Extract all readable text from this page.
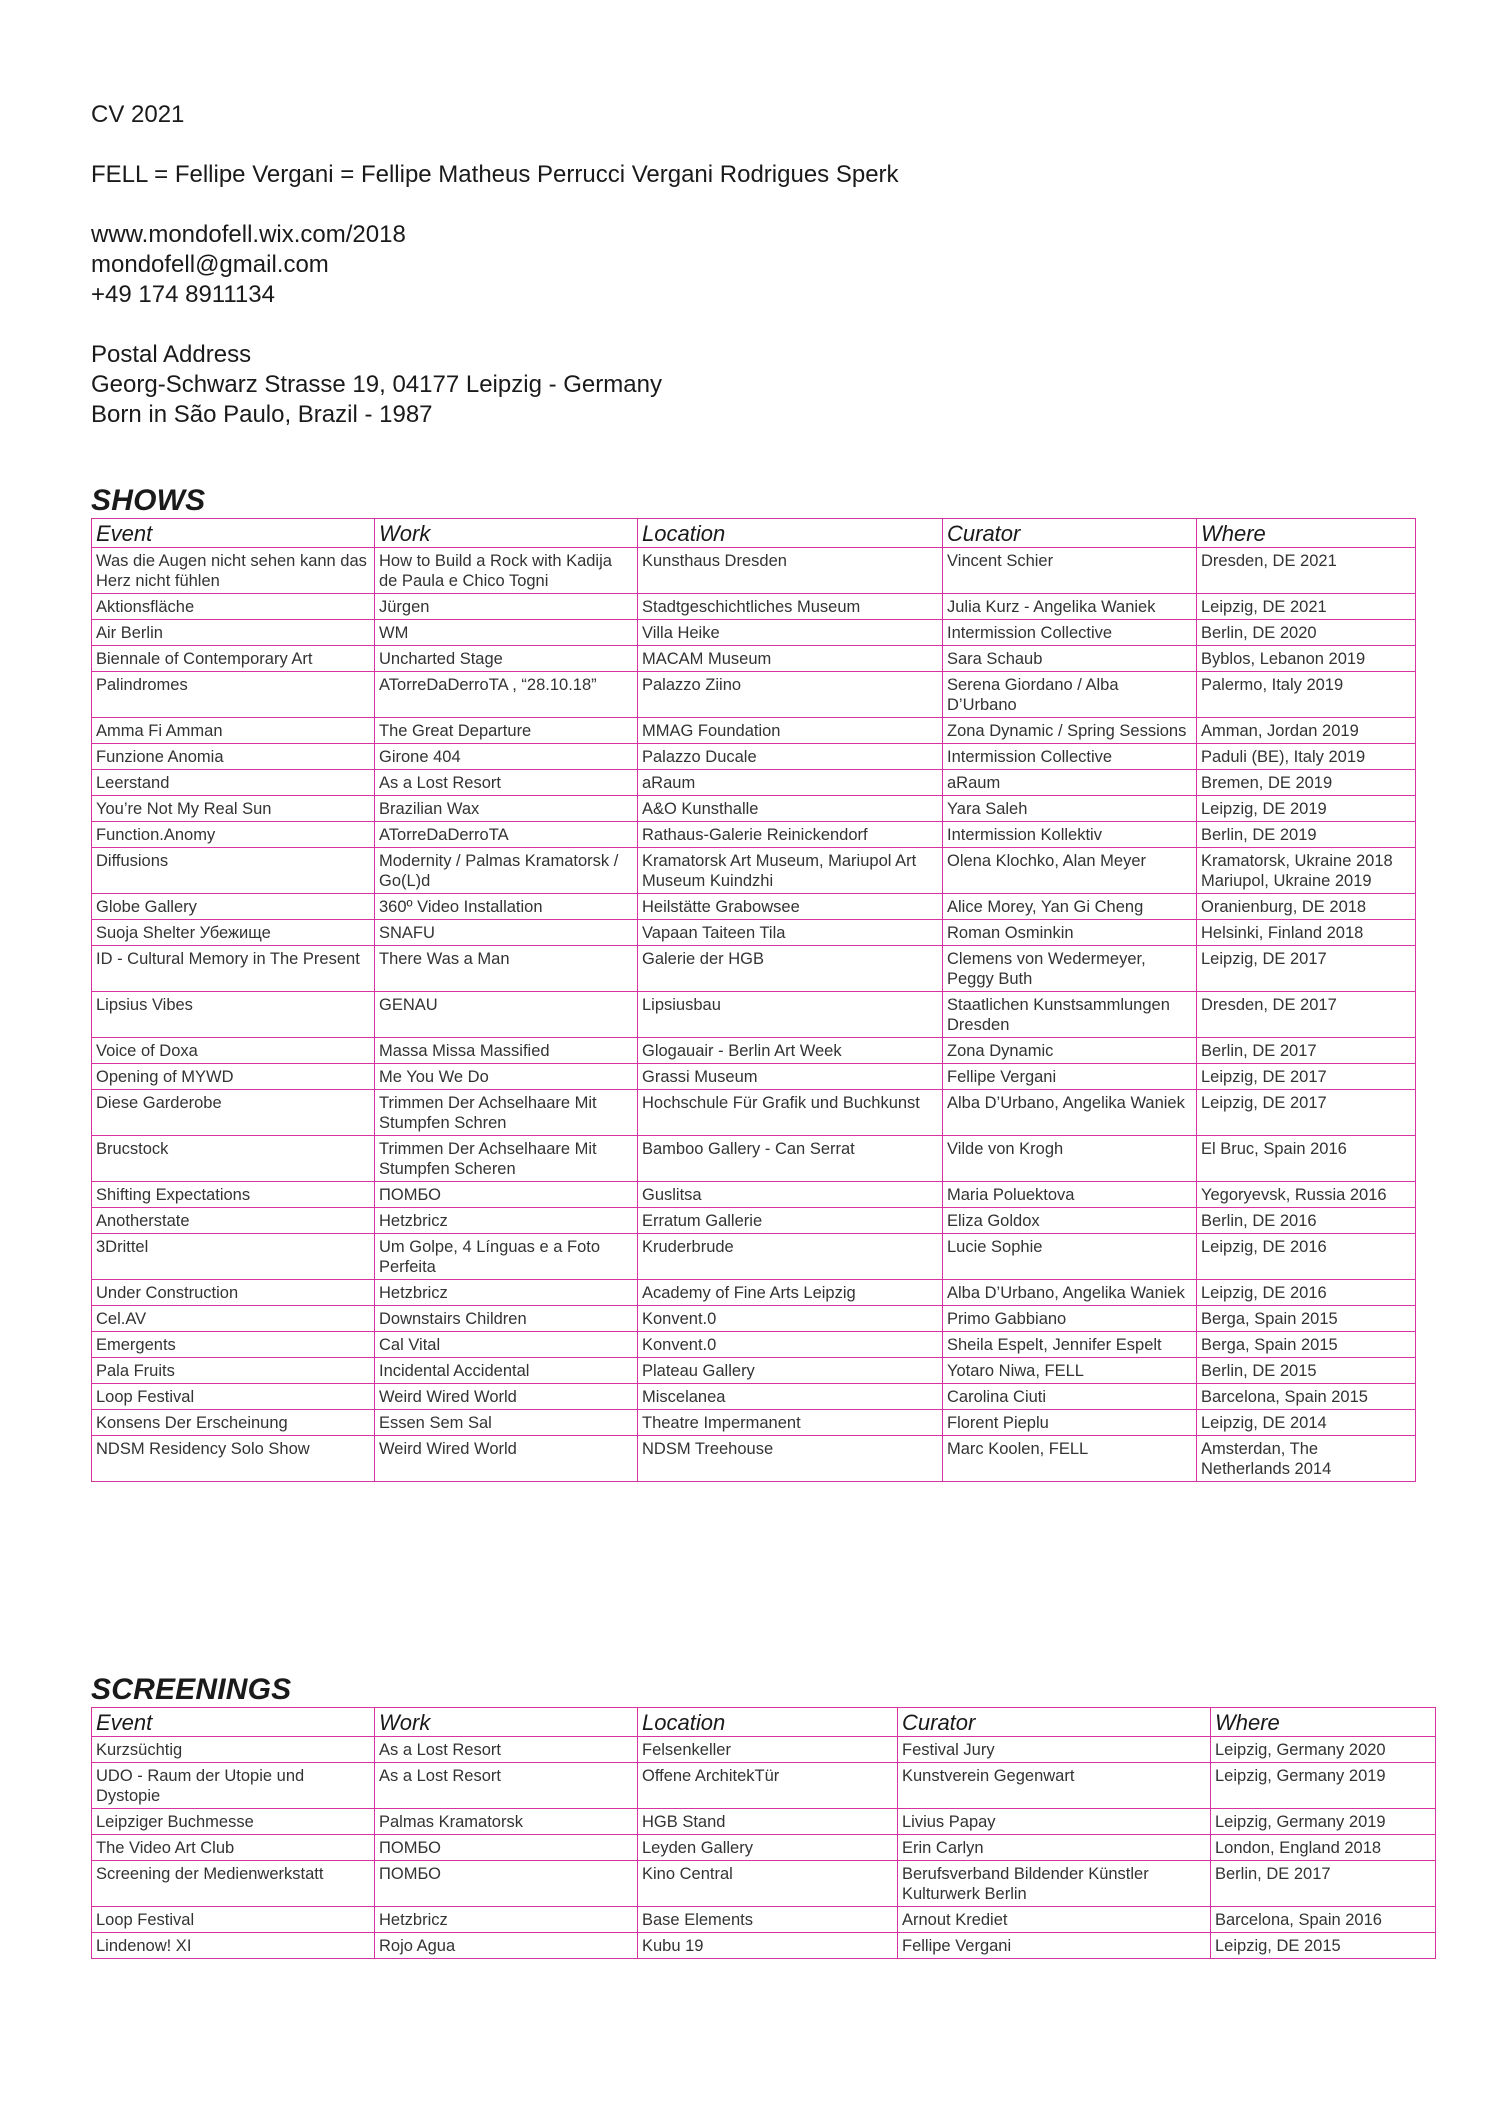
CV 2021
FELL = Fellipe Vergani = Fellipe Matheus Perrucci Vergani Rodrigues Sperk
www.mondofell.wix.com/2018
mondofell@gmail.com
+49 174 8911134
Postal Address
Georg-Schwarz Strasse 19, 04177 Leipzig - Germany
Born in São Paulo, Brazil - 1987
SHOWS
Event	Work	Location	Curator	Where
Was die Augen nicht sehen kann das Herz nicht fühlen	How to Build a Rock with Kadija de Paula e Chico Togni	Kunsthaus Dresden	Vincent Schier	Dresden, DE 2021
Aktionsfläche	Jürgen	Stadtgeschichtliches Museum	Julia Kurz - Angelika Waniek	Leipzig, DE 2021
Air Berlin	WM	Villa Heike	Intermission Collective	Berlin, DE 2020
Biennale of Contemporary Art	Uncharted Stage	MACAM Museum	Sara Schaub	Byblos, Lebanon 2019
Palindromes	ATorreDaDerroTA , “28.10.18”	Palazzo Ziino	Serena Giordano / Alba D’Urbano	Palermo, Italy 2019
Amma Fi Amman	The Great Departure	MMAG Foundation	Zona Dynamic / Spring Sessions	Amman, Jordan 2019
Funzione Anomia	Girone 404	Palazzo Ducale	Intermission Collective	Paduli (BE), Italy 2019
Leerstand	As a Lost Resort	aRaum	aRaum	Bremen, DE 2019
You’re Not My Real Sun	Brazilian Wax	A&O Kunsthalle	Yara Saleh	Leipzig, DE 2019
Function.Anomy	ATorreDaDerroTA	Rathaus-Galerie Reinickendorf	Intermission Kollektiv	Berlin, DE 2019
Diffusions	Modernity / Palmas Kramatorsk / Go(L)d	Kramatorsk Art Museum, Mariupol Art Museum Kuindzhi	Olena Klochko, Alan Meyer	Kramatorsk, Ukraine 2018 Mariupol, Ukraine 2019
Globe Gallery	360º Video Installation	Heilstätte Grabowsee	Alice Morey, Yan Gi Cheng	Oranienburg, DE 2018
Suoja Shelter Убежище	SNAFU	Vapaan Taiteen Tila	Roman Osminkin	Helsinki, Finland 2018
ID - Cultural Memory in The Present	There Was a Man	Galerie der HGB	Clemens von Wedermeyer, Peggy Buth	Leipzig, DE 2017
Lipsius Vibes	GENAU	Lipsiusbau	Staatlichen Kunstsammlungen Dresden	Dresden, DE 2017
Voice of Doxa	Massa Missa Massified	Glogauair - Berlin Art Week	Zona Dynamic	Berlin, DE 2017
Opening of MYWD	Me You We Do	Grassi Museum	Fellipe Vergani	Leipzig, DE 2017
Diese Garderobe	Trimmen Der Achselhaare Mit Stumpfen Schren	Hochschule Für Grafik und Buchkunst	Alba D’Urbano, Angelika Waniek	Leipzig, DE 2017
Brucstock	Trimmen Der Achselhaare Mit Stumpfen Scheren	Bamboo Gallery - Can Serrat	Vilde von Krogh	El Bruc, Spain 2016
Shifting Expectations	ПОМБО	Guslitsa	Maria Poluektova	Yegoryevsk, Russia 2016
Anotherstate	Hetzbricz	Erratum Gallerie	Eliza Goldox	Berlin, DE 2016
3Drittel	Um Golpe, 4 Línguas e a Foto Perfeita	Kruderbrude	Lucie Sophie	Leipzig, DE 2016
Under Construction	Hetzbricz	Academy of Fine Arts Leipzig	Alba D’Urbano, Angelika Waniek	Leipzig, DE 2016
Cel.AV	Downstairs Children	Konvent.0	Primo Gabbiano	Berga, Spain 2015
Emergents	Cal Vital	Konvent.0	Sheila Espelt, Jennifer Espelt	Berga, Spain 2015
Pala Fruits	Incidental Accidental	Plateau Gallery	Yotaro Niwa, FELL	Berlin, DE 2015
Loop Festival	Weird Wired World	Miscelanea	Carolina Ciuti	Barcelona, Spain 2015
Konsens Der Erscheinung	Essen Sem Sal	Theatre Impermanent	Florent Pieplu	Leipzig, DE 2014
NDSM Residency Solo Show	Weird Wired World	NDSM Treehouse	Marc Koolen, FELL	Amsterdan, The Netherlands 2014
SCREENINGS
Event	Work	Location	Curator	Where
Kurzsüchtig	As a Lost Resort	Felsenkeller	Festival Jury	Leipzig, Germany 2020
UDO - Raum der Utopie und Dystopie	As a Lost Resort	Offene ArchitekTür	Kunstverein Gegenwart	Leipzig, Germany 2019
Leipziger Buchmesse	Palmas Kramatorsk	HGB Stand	Livius Papay	Leipzig, Germany 2019
The Video Art Club	ПОМБО	Leyden Gallery	Erin Carlyn	London, England 2018
Screening der Medienwerkstatt	ПОМБО	Kino Central	Berufsverband Bildender Künstler Kulturwerk Berlin	Berlin, DE 2017
Loop Festival	Hetzbricz	Base Elements	Arnout Krediet	Barcelona, Spain 2016
Lindenow! XI	Rojo Agua	Kubu 19	Fellipe Vergani	Leipzig, DE 2015
